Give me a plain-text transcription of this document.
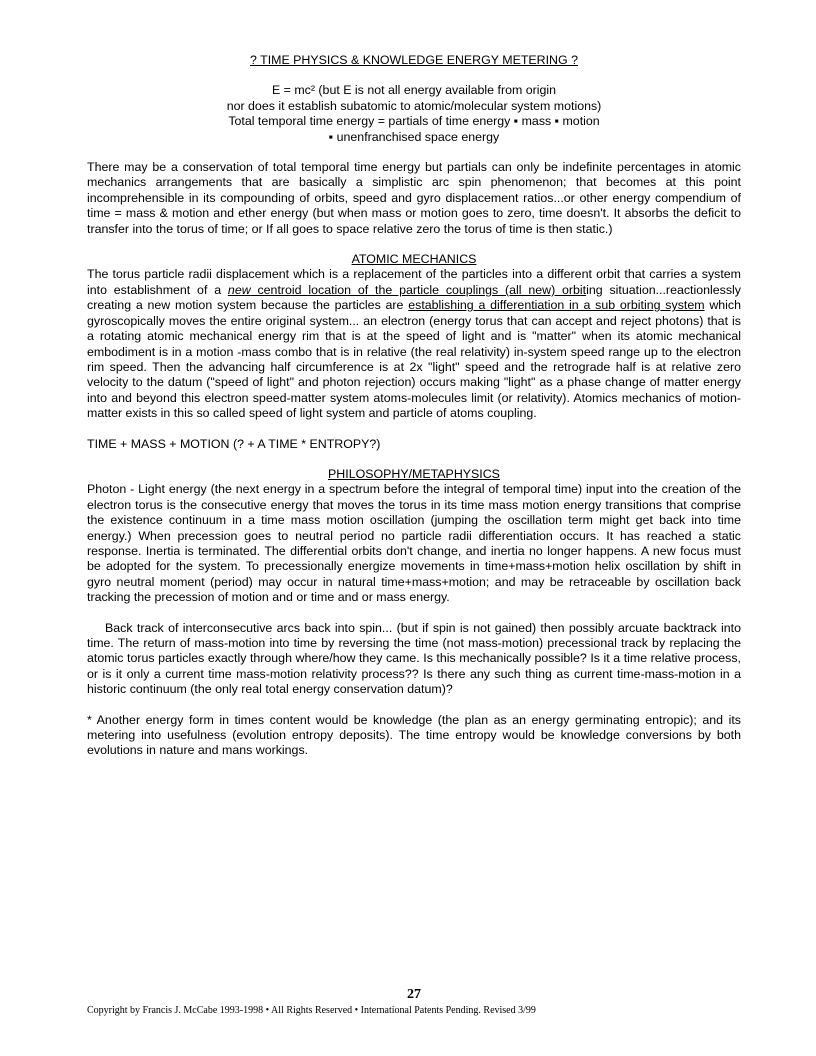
? TIME PHYSICS & KNOWLEDGE ENERGY METERING ?

E = mc² (but E is not all energy available from origin

nor does it establish subatomic to atomic/molecular system motions)

Total temporal time energy = partials of time energy ▪ mass ▪ motion

▪ unenfranchised space energy

There may be a conservation of total temporal time energy but partials can only be indefinite percentages in atomic mechanics arrangements that are basically a simplistic arc spin phenomenon; that becomes at this point incomprehensible in its compounding of orbits, speed and gyro displacement ratios...or other energy compendium of time = mass & motion and ether energy (but when mass or motion goes to zero, time doesn't. It absorbs the deficit to transfer into the torus of time; or If all goes to space relative zero the torus of time is then static.)

ATOMIC MECHANICS

The torus particle radii displacement which is a replacement of the particles into a different orbit that carries a system into establishment of a new centroid location of the particle couplings (all new) orbiting situation...reactionlessly creating a new motion system because the particles are establishing a differentiation in a sub orbiting system which gyroscopically moves the entire original system... an electron (energy torus that can accept and reject photons) that is a rotating atomic mechanical energy rim that is at the speed of light and is "matter" when its atomic mechanical embodiment is in a motion -mass combo that is in relative (the real relativity) in-system speed range up to the electron rim speed. Then the advancing half circumference is at 2x "light" speed and the retrograde half is at relative zero velocity to the datum ("speed of light" and photon rejection) occurs making "light" as a phase change of matter energy into and beyond this electron speed-matter system atoms-molecules limit (or relativity). Atomics mechanics of motion-matter exists in this so called speed of light system and particle of atoms coupling.

TIME + MASS + MOTION (? + A TIME * ENTROPY?)

PHILOSOPHY/METAPHYSICS

Photon - Light energy (the next energy in a spectrum before the integral of temporal time) input into the creation of the electron torus is the consecutive energy that moves the torus in its time mass motion energy transitions that comprise the existence continuum in a time mass motion oscillation (jumping the oscillation term might get back into time energy.) When precession goes to neutral period no particle radii differentiation occurs. It has reached a static response. Inertia is terminated. The differential orbits don't change, and inertia no longer happens. A new focus must be adopted for the system. To precessionally energize movements in time+mass+motion helix oscillation by shift in gyro neutral moment (period) may occur in natural time+mass+motion; and may be retraceable by oscillation back tracking the precession of motion and or time and or mass energy.

Back track of interconsecutive arcs back into spin... (but if spin is not gained) then possibly arcuate backtrack into time. The return of mass-motion into time by reversing the time (not mass-motion) precessional track by replacing the atomic torus particles exactly through where/how they came. Is this mechanically possible? Is it a time relative process, or is it only a current time mass-motion relativity process?? Is there any such thing as current time-mass-motion in a historic continuum (the only real total energy conservation datum)?

* Another energy form in times content would be knowledge (the plan as an energy germinating entropic); and its metering into usefulness (evolution entropy deposits). The time entropy would be knowledge conversions by both evolutions in nature and mans workings.

27
Copyright by Francis J. McCabe 1993-1998 • All Rights Reserved • International Patents Pending. Revised 3/99
